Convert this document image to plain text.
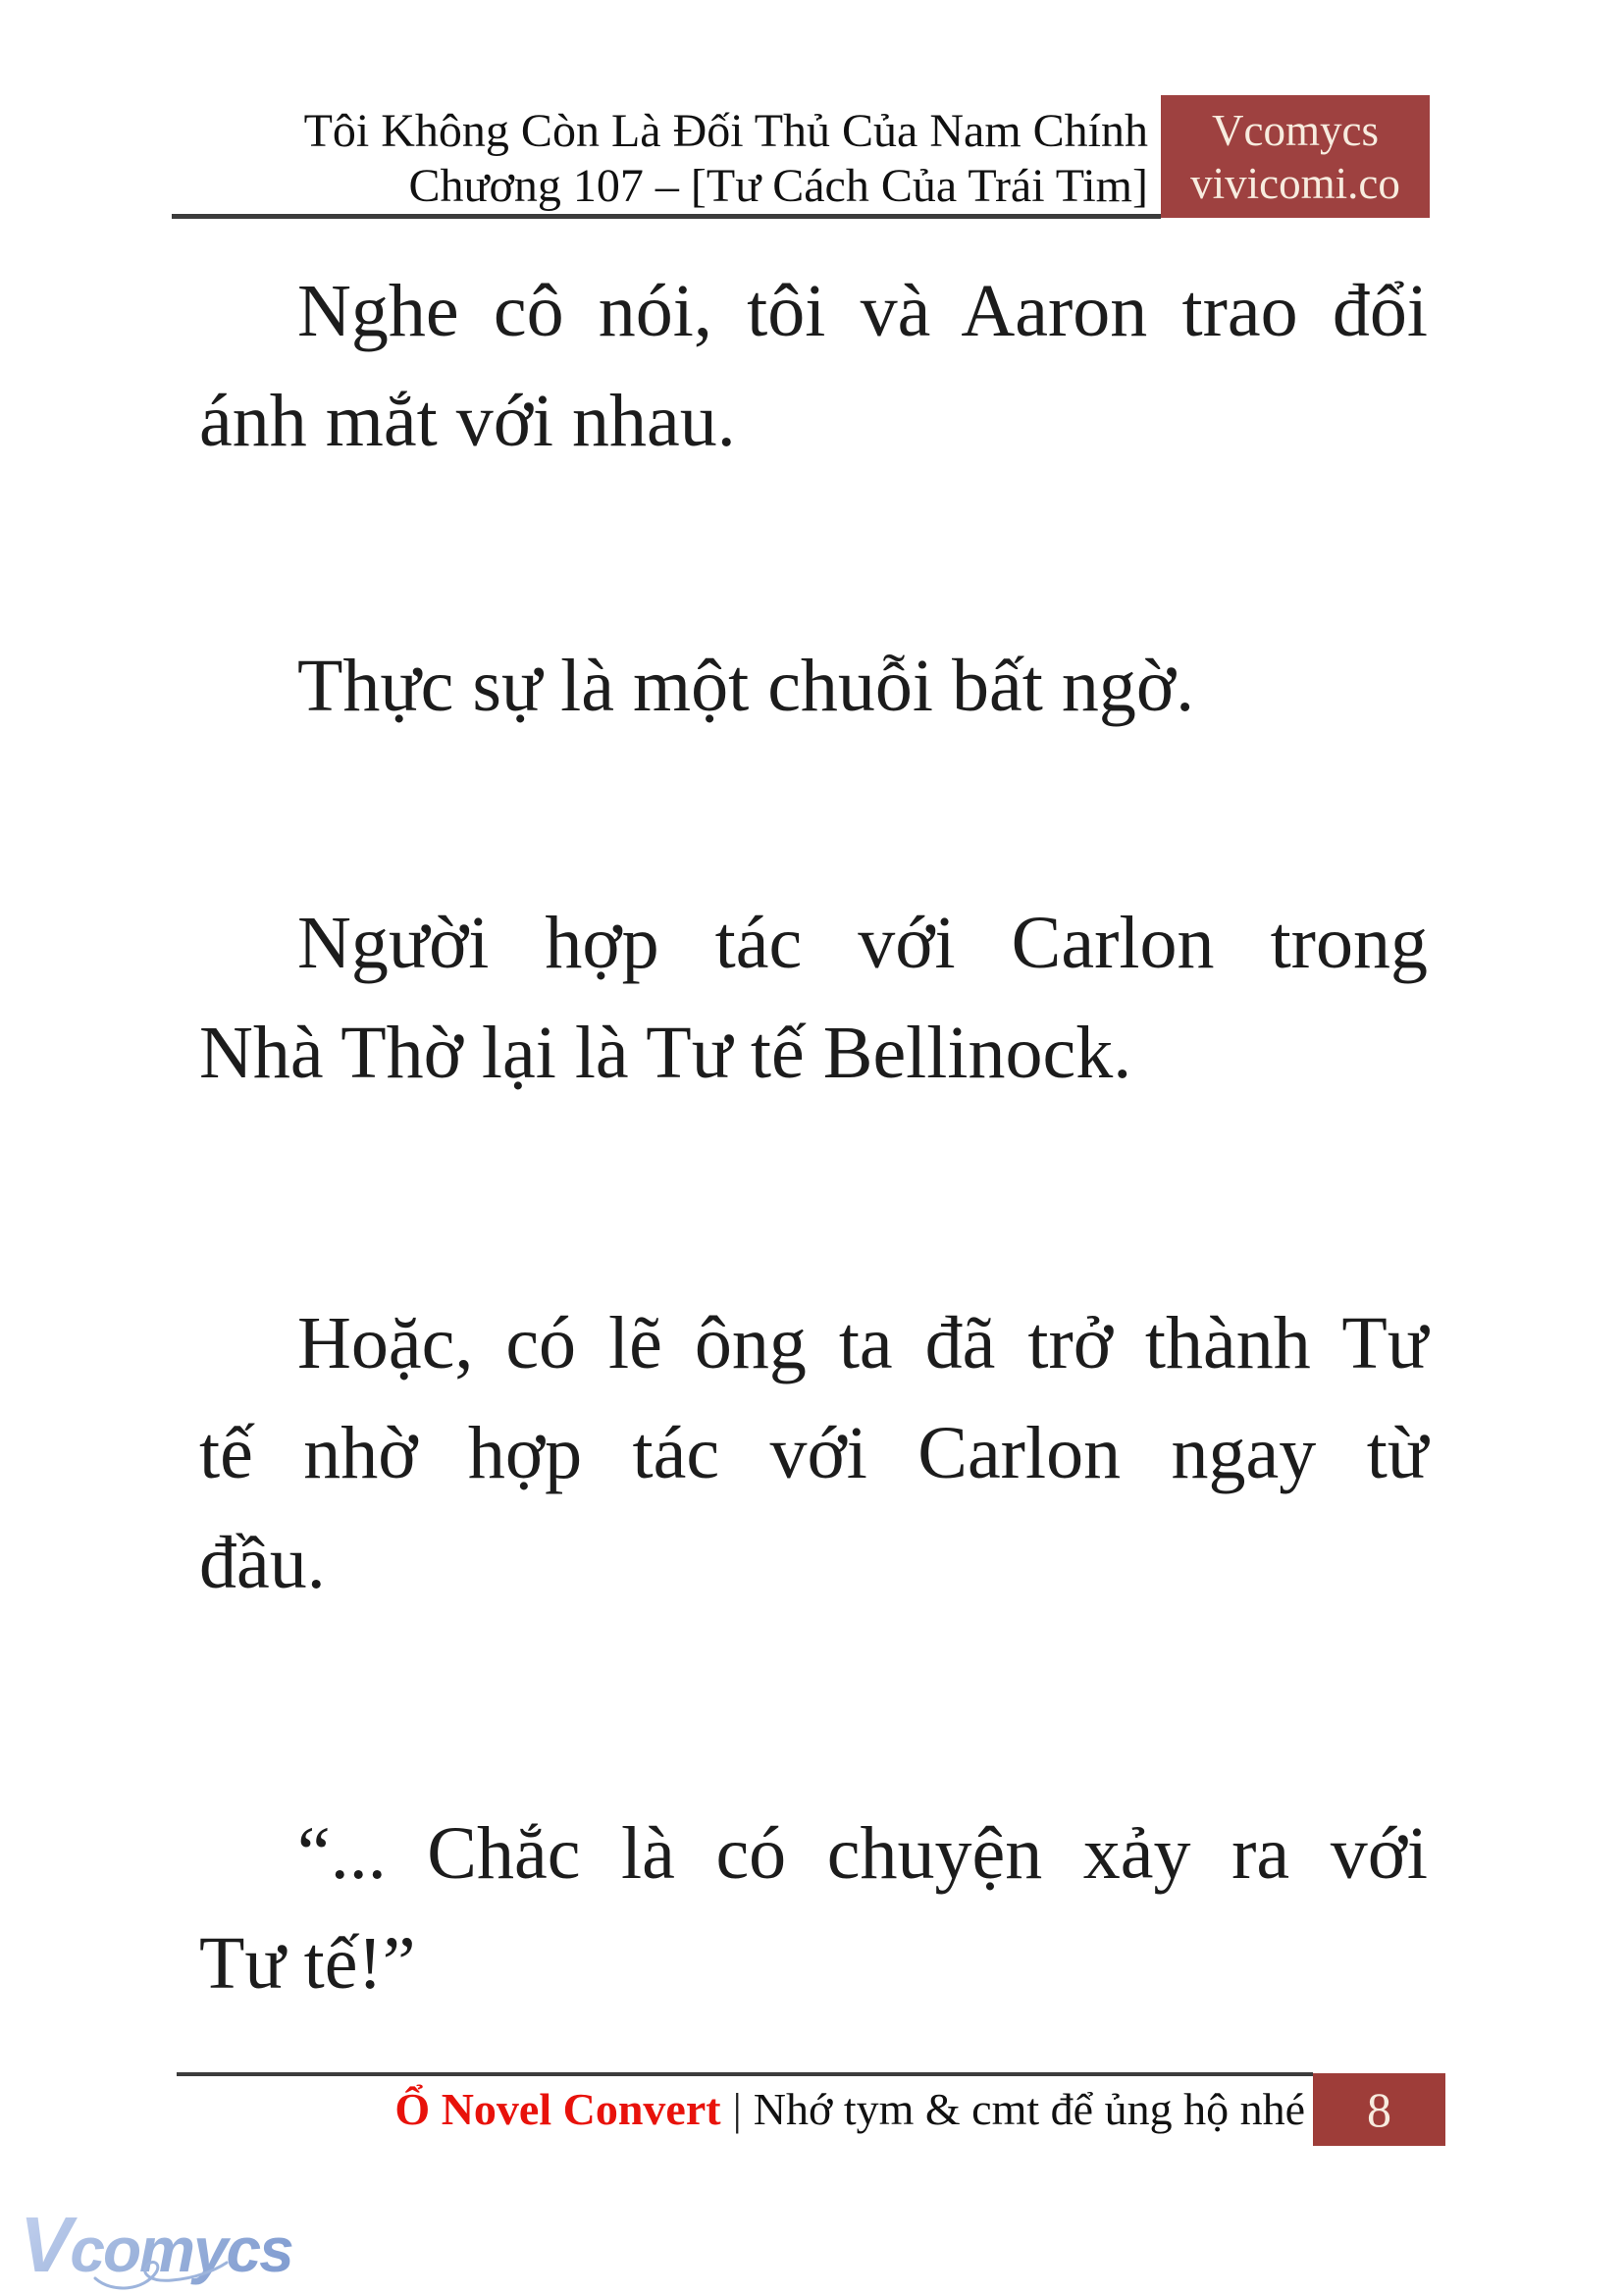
Tôi Không Còn Là Đối Thủ Của Nam Chính
Chương 107 – [Tư Cách Của Trái Tim]
Vcomycs
vivicomi.co
Nghe cô nói, tôi và Aaron trao đổi
ánh mắt với nhau.
Thực sự là một chuỗi bất ngờ.
Người hợp tác với Carlon trong
Nhà Thờ lại là Tư tế Bellinock.
Hoặc, có lẽ ông ta đã trở thành Tư
tế nhờ hợp tác với Carlon ngay từ
đầu.
“... Chắc là có chuyện xảy ra với
Tư tế!”
Ổ Novel Convert | Nhớ tym & cmt để ủng hộ nhé 8
Vcomycs
